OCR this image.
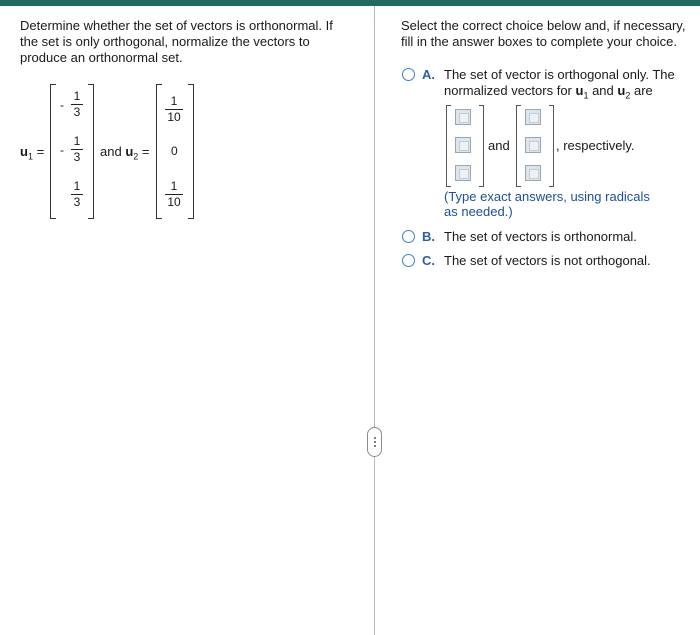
Determine whether the set of vectors is orthonormal. If the set is only orthogonal, normalize the vectors to produce an orthonormal set.
$u_1$ =
-
1
3
-
1
3
1
3
and $u_2$ =
1
10
0
1
10
Select the correct choice below and, if necessary, fill in the answer boxes to complete your choice.
A. The set of vector is orthogonal only. The
normalized vectors for $u_1$ and $u_2$ are
and	, respectively.
(Type exact answers, using radicals
as needed.)
B. The set of vectors is orthonormal.
C. The set of vectors is not orthogonal.
